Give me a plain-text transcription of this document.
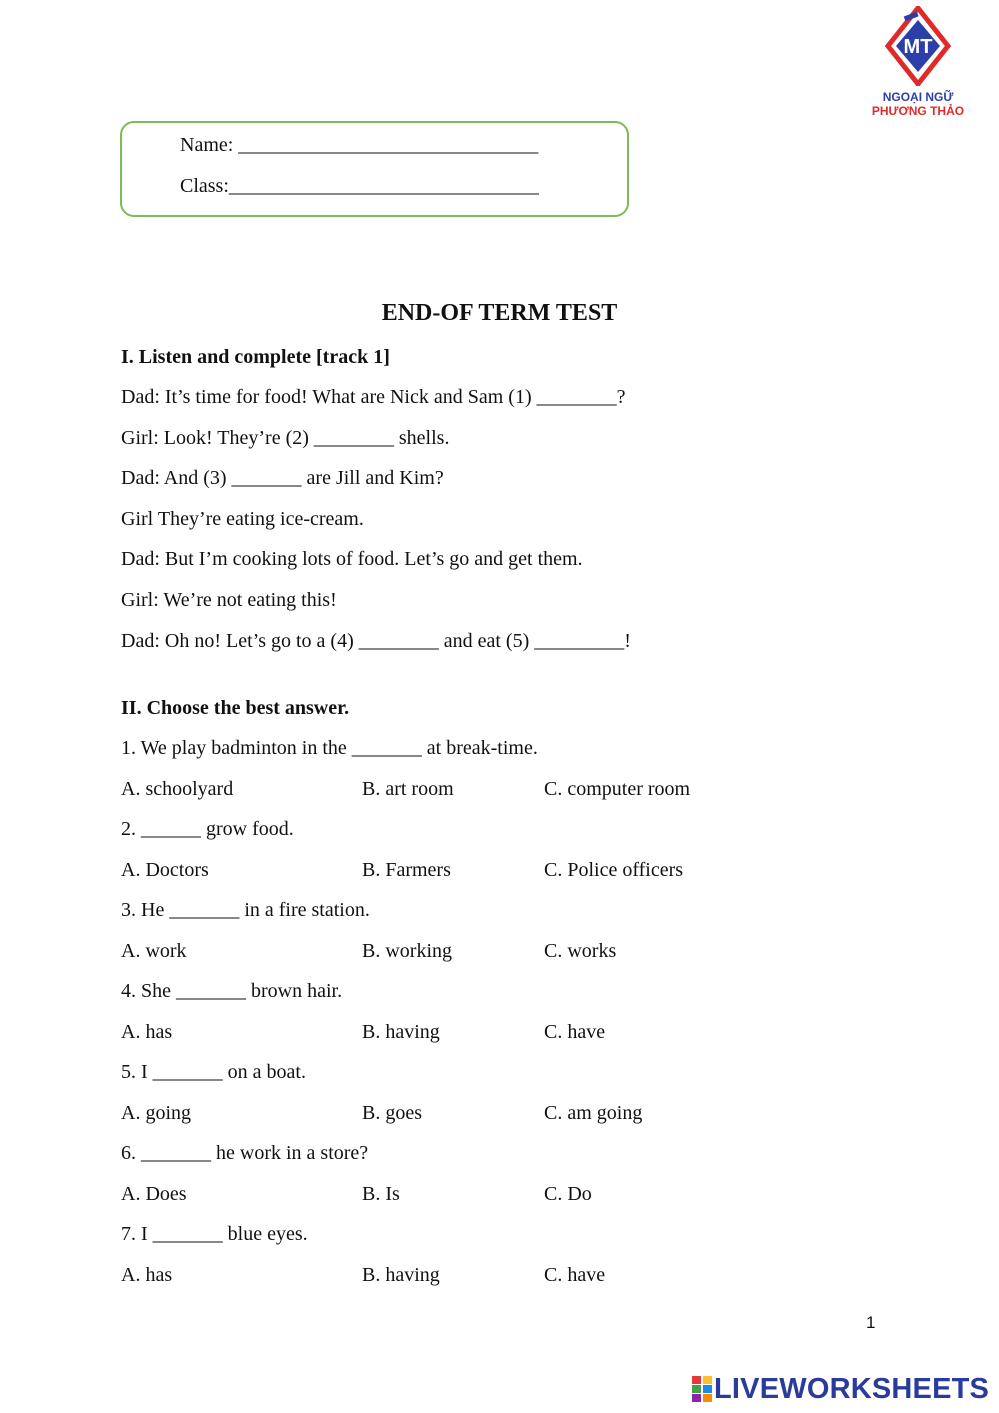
MT
NGOẠI NGỮ
PHƯƠNG THẢO
Name: ______________________________
Class:_______________________________
END-OF TERM TEST
I. Listen and complete [track 1]
Dad: It’s time for food! What are Nick and Sam (1) ________?
Girl: Look! They’re (2) ________ shells.
Dad: And (3) _______ are Jill and Kim?
Girl They’re eating ice-cream.
Dad: But I’m cooking lots of food. Let’s go and get them.
Girl: We’re not eating this!
Dad: Oh no! Let’s go to a (4) ________ and eat (5) _________!
II. Choose the best answer.
1. We play badminton in the _______ at break-time.
A. schoolyard	B. art room	C. computer room
2. ______ grow food.
A. Doctors	B. Farmers	C. Police officers
3. He _______ in a fire station.
A. work	B. working	C. works
4. She _______ brown hair.
A. has	B. having	C. have
5. I _______ on a boat.
A. going	B. goes	C. am going
6. _______ he work in a store?
A. Does	B. Is	C. Do
7. I _______ blue eyes.
A. has	B. having	C. have
1
LIVEWORKSHEETS
